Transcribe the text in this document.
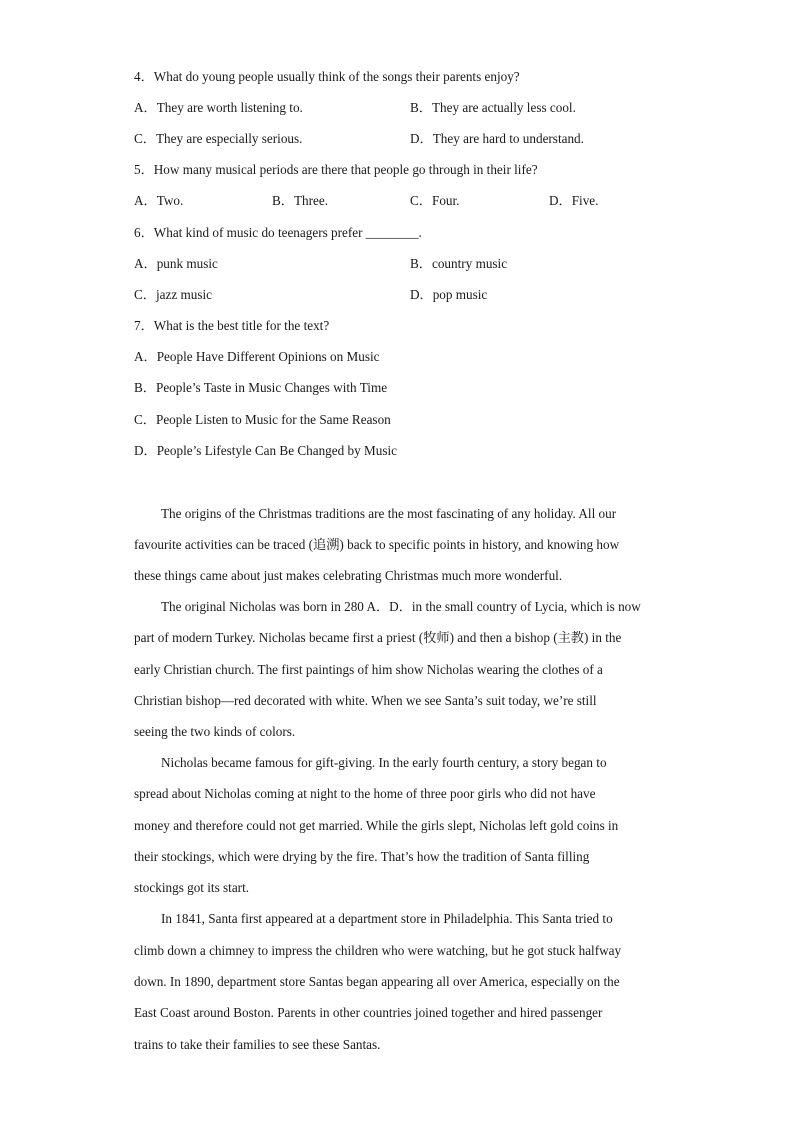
4．What do young people usually think of the songs their parents enjoy?
A．They are worth listening to.	B．They are actually less cool.
C．They are especially serious.	D．They are hard to understand.
5．How many musical periods are there that people go through in their life?
A．Two.	B．Three.	C．Four.	D．Five.
6．What kind of music do teenagers prefer ________.
A．punk music	B．country music
C．jazz music	D．pop music
7．What is the best title for the text?
A．People Have Different Opinions on Music
B．People’s Taste in Music Changes with Time
C．People Listen to Music for the Same Reason
D．People’s Lifestyle Can Be Changed by Music
The origins of the Christmas traditions are the most fascinating of any holiday. All our
favourite activities can be traced (追溯) back to specific points in history, and knowing how
these things came about just makes celebrating Christmas much more wonderful.
The original Nicholas was born in 280 A．D．in the small country of Lycia, which is now
part of modern Turkey. Nicholas became first a priest (牧师) and then a bishop (主教) in the
early Christian church. The first paintings of him show Nicholas wearing the clothes of a
Christian bishop—red decorated with white. When we see Santa’s suit today, we’re still
seeing the two kinds of colors.
Nicholas became famous for gift-giving. In the early fourth century, a story began to
spread about Nicholas coming at night to the home of three poor girls who did not have
money and therefore could not get married. While the girls slept, Nicholas left gold coins in
their stockings, which were drying by the fire. That’s how the tradition of Santa filling
stockings got its start.
In 1841, Santa first appeared at a department store in Philadelphia. This Santa tried to
climb down a chimney to impress the children who were watching, but he got stuck halfway
down. In 1890, department store Santas began appearing all over America, especially on the
East Coast around Boston. Parents in other countries joined together and hired passenger
trains to take their families to see these Santas.
